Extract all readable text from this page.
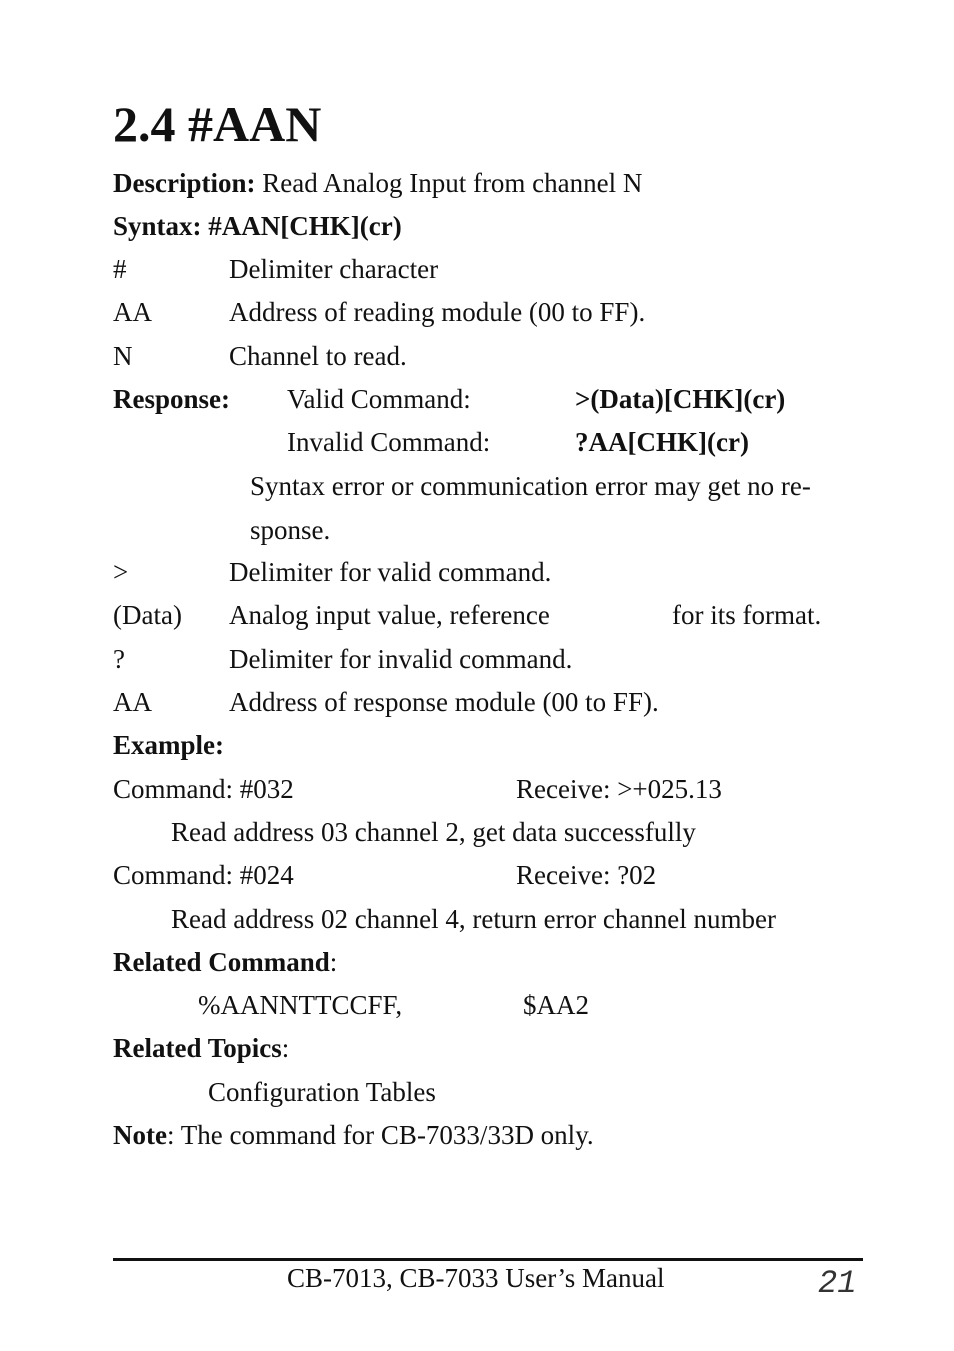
2.4 #AAN
Description: Read Analog Input from channel N
Syntax: #AAN[CHK](cr)
#	Delimiter character
AA	Address of reading module (00 to FF).
N	Channel to read.
Response: Valid Command:	>(Data)[CHK](cr)
Invalid Command:	?AA[CHK](cr)
Syntax error or communication error may get no re-
sponse.
>	Delimiter for valid command.
(Data) Analog input value, reference	for its format.
?	Delimiter for invalid command.
AA	Address of response module (00 to FF).
Example:
Command: #032	Receive: >+025.13
Read address 03 channel 2, get data successfully
Command: #024	Receive: ?02
Read address 02 channel 4, return error channel number
Related Command:
%AANNTTCCFF,	$AA2
Related Topics:
Configuration Tables
Note: The command for CB-7033/33D only.
CB-7013, CB-7033 User’s Manual	21
